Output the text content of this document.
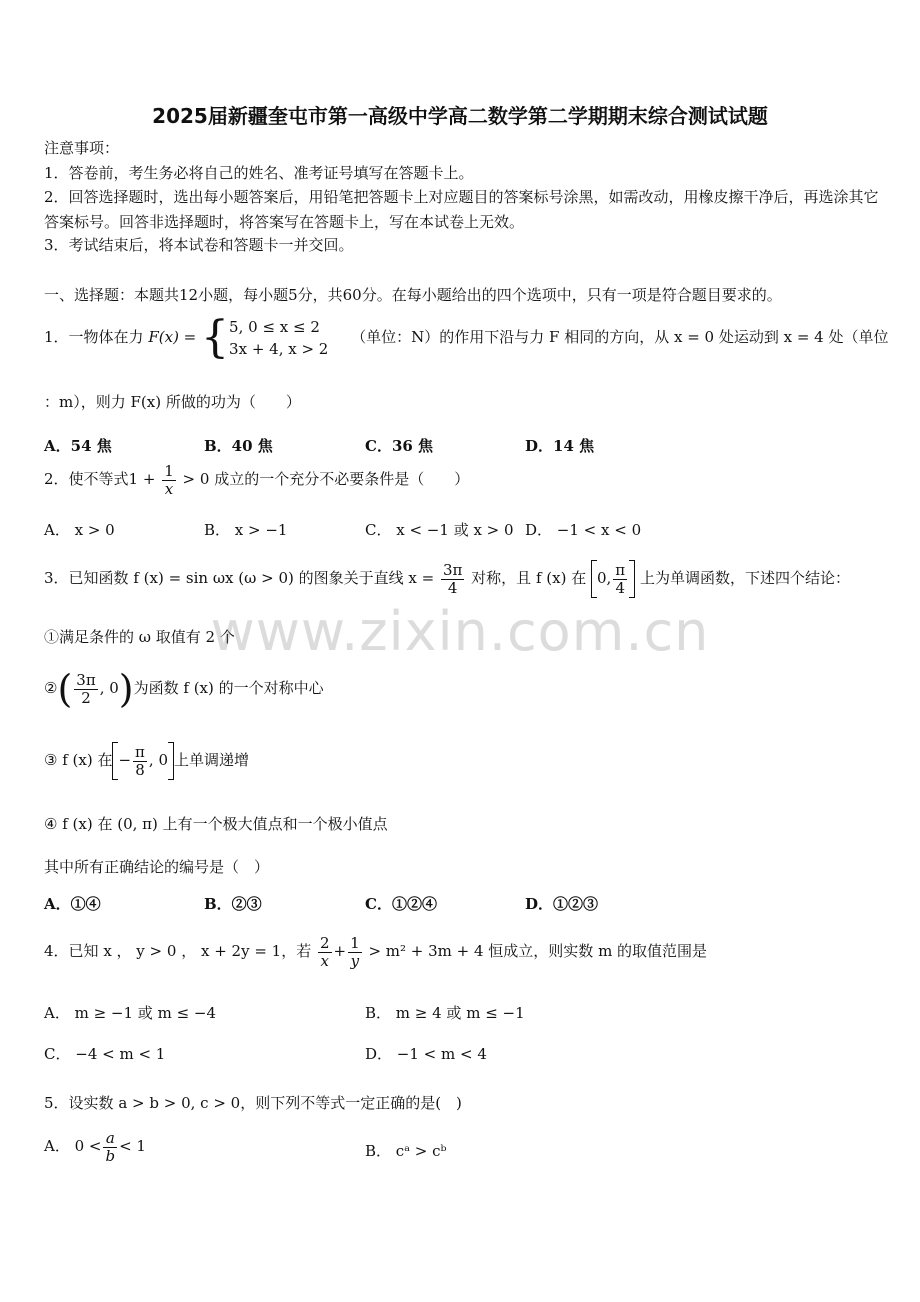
2025届新疆奎屯市第一高级中学高二数学第二学期期末综合测试试题
注意事项：
1．答卷前，考生务必将自己的姓名、准考证号填写在答题卡上。
2．回答选择题时，选出每小题答案后，用铅笔把答题卡上对应题目的答案标号涂黑，如需改动，用橡皮擦干净后，再选涂其它答案标号。回答非选择题时，将答案写在答题卡上，写在本试卷上无效。
3．考试结束后，将本试卷和答题卡一并交回。
一、选择题：本题共12小题，每小题5分，共60分。在每小题给出的四个选项中，只有一项是符合题目要求的。
1．一物体在力 F(x) = { 5, 0 ≤ x ≤ 2
3x + 4, x > 2
（单位：N）的作用下沿与力 F 相同的方向，从 x = 0 处运动到 x = 4 处（单位
：m），则力 F(x) 所做的功为（　　）
A．54 焦	B．40 焦	C．36 焦	D．14 焦
2．使不等式$1 + \frac{1}{x} > 0$ 成立的一个充分不必要条件是（　　）
A． x > 0	B． x > −1	C． x < −1 或 x > 0 D． −1 < x < 0
3．已知函数 f (x) = sin ωx (ω > 0) 的图象关于直线 $x = \frac{3\pi}{4}$ 对称，且 f (x) 在 0, $\frac{\pi}{4}$ 上为单调函数，下述四个结论：
www.zixin.com.cn
①满足条件的 ω 取值有 2 个
②( $\frac{3\pi}{2}$ , 0)为函数 f (x) 的一个对称中心
③ f (x) 在 − $\frac{\pi}{8}$ , 0 上单调递增
④ f (x) 在 (0, π) 上有一个极大值点和一个极小值点
其中所有正确结论的编号是（　）
A．①④	B．②③	C．①②④	D．①②③
4．已知 x ， y > 0 ， x + 2y = 1，若 $\frac{2}{x} + \frac{1}{y} > m^2 + 3m + 4$ 恒成立，则实数 m 的取值范围是
A． m ≥ −1 或 m ≤ −4	B． m ≥ 4 或 m ≤ −1
C． −4 < m < 1	D． −1 < m < 4
5．设实数 a > b > 0, c > 0，则下列不等式一定正确的是(　)
A． $0 < \frac{a}{b} < 1$	B． cᵃ > cᵇ
